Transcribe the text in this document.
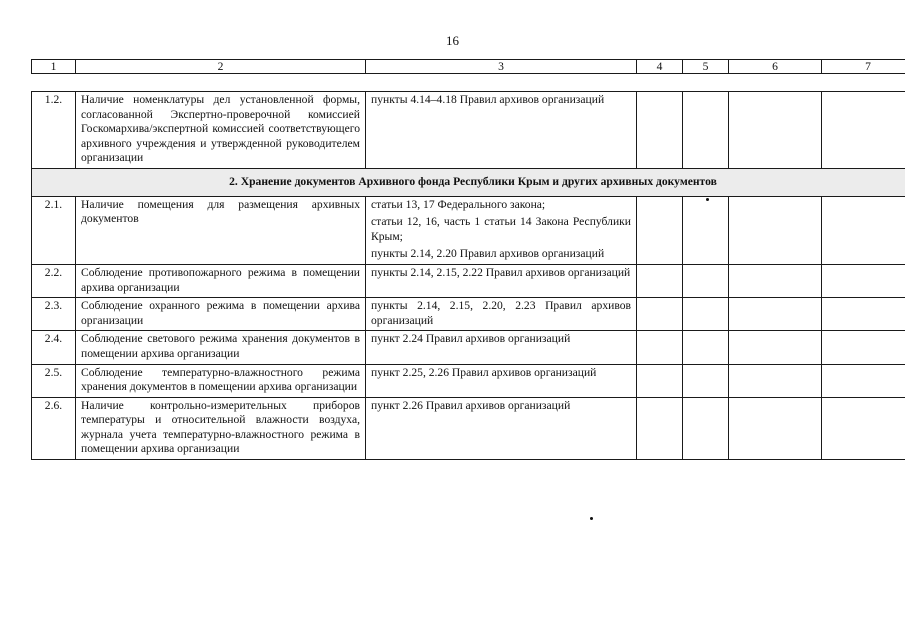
16
1	2	3	4	5	6	7
1.2.	Наличие номенклатуры дел установленной формы, согласованной Экспертно-проверочной комиссией Госкомархива/экспертной комиссией соответствующего архивного учреждения и утвержденной руководителем организации	пункты 4.14–4.18 Правил архивов организаций				

2. Хранение документов Архивного фонда Республики Крым и других архивных документов						
2.1.	Наличие помещения для размещения архивных документов	статьи 13, 17 Федерального закона;

статьи 12, 16, часть 1 статьи 14 Закона Республики Крым;

пункты 2.14, 2.20 Правил архивов организаций				

2.2.	Соблюдение противопожарного режима в помещении архива организации	пункты 2.14, 2.15, 2.22 Правил архивов организаций				

2.3.	Соблюдение охранного режима в помещении архива организации	пункты 2.14, 2.15, 2.20, 2.23 Правил архивов организаций				

2.4.	Соблюдение светового режима хранения документов в помещении архива организации	пункт 2.24 Правил архивов организаций				

2.5.	Соблюдение температурно-влажностного режима хранения документов в помещении архива организации	пункт 2.25, 2.26 Правил архивов организаций				

2.6.	Наличие контрольно-измерительных приборов температуры и относительной влажности воздуха, журнала учета температурно-влажностного режима в помещении архива организации	пункт 2.26 Правил архивов организаций				
